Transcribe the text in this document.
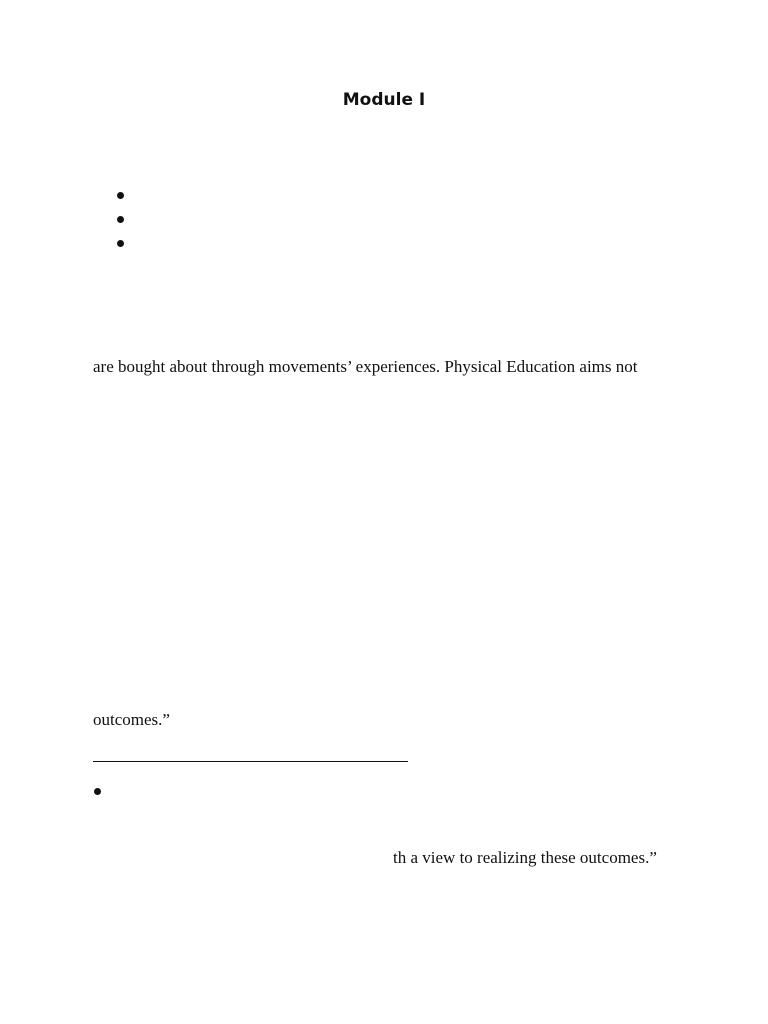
Module I
are bought about through movements’ experiences. Physical Education aims not
outcomes.”
th a view to realizing these outcomes.”
